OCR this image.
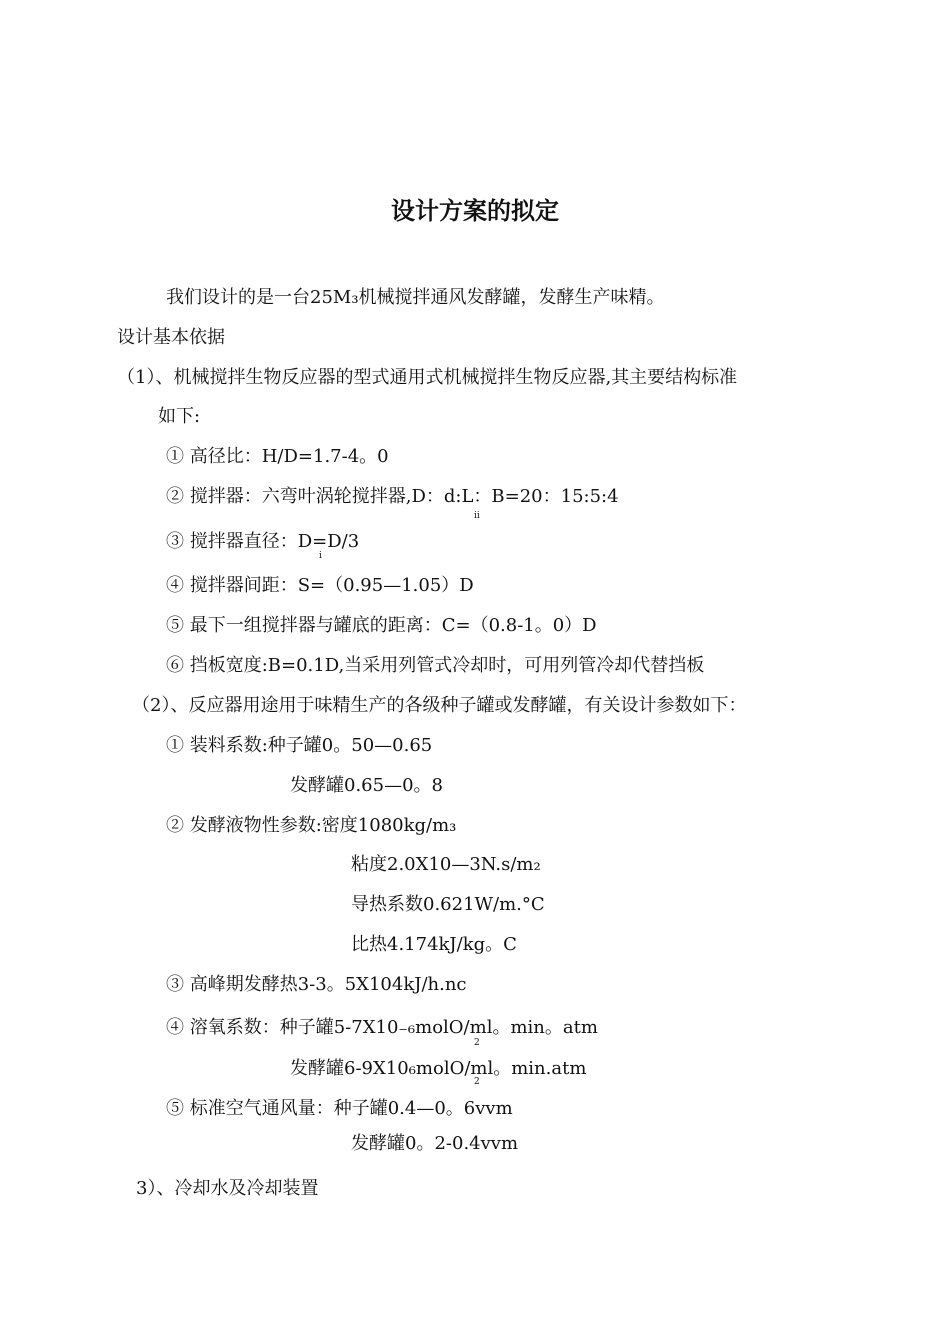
设计方案的拟定
我们设计的是一台25M₃机械搅拌通风发酵罐，发酵生产味精。
设计基本依据
（1）、机械搅拌生物反应器的型式通用式机械搅拌生物反应器,其主要结构标准
如下:
① 高径比：H/D=1.7-4。0
② 搅拌器：六弯叶涡轮搅拌器,D：d:L：B=20：15:5:4
ii
③ 搅拌器直径：D=D/3
i
④ 搅拌器间距：S=（0.95—1.05）D
⑤ 最下一组搅拌器与罐底的距离：C=（0.8-1。0）D
⑥ 挡板宽度:B=0.1D,当采用列管式冷却时，可用列管冷却代替挡板
（2）、反应器用途用于味精生产的各级种子罐或发酵罐，有关设计参数如下：
① 装料系数:种子罐0。50—0.65
发酵罐0.65—0。8
② 发酵液物性参数:密度1080kg/m₃
粘度2.0X10—3N.s/m₂
导热系数0.621W/m.°C
比热4.174kJ/kg。C
③ 高峰期发酵热3-3。5X104kJ/h.nc
④ 溶氧系数：种子罐5-7X10₋₆molO/ml。min。atm
2
发酵罐6-9X10₆molO/ml。min.atm
2
⑤ 标准空气通风量：种子罐0.4—0。6vvm
发酵罐0。2-0.4vvm
3）、冷却水及冷却装置
